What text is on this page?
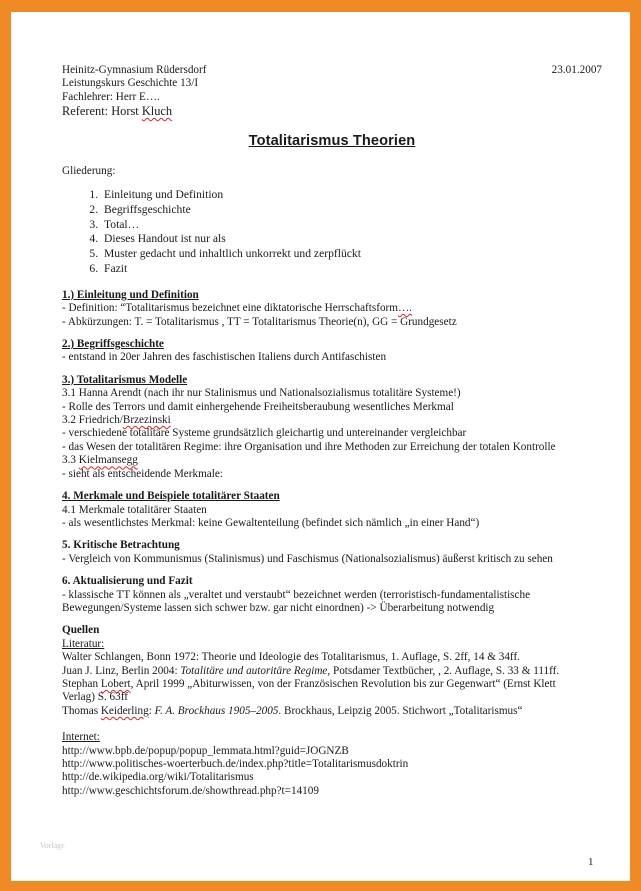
Heinitz-Gymnasium Rüdersdorf	23.01.2007
Leistungskurs Geschichte 13/I
Fachlehrer: Herr E….
Referent: Horst Kluch
Totalitarismus Theorien
Gliederung:
1. Einleitung und Definition
2. Begriffsgeschichte
3. Total…
4. Dieses Handout ist nur als
5. Muster gedacht und inhaltlich unkorrekt und zerpflückt
6. Fazit
1.) Einleitung und Definition
- Definition: “Totalitarismus bezeichnet eine diktatorische Herrschaftsform….
- Abkürzungen: T. = Totalitarismus , TT = Totalitarismus Theorie(n), GG = Grundgesetz
2.) Begriffsgeschichte
- entstand in 20er Jahren des faschistischen Italiens durch Antifaschisten
3.) Totalitarismus Modelle
3.1 Hanna Arendt (nach ihr nur Stalinismus und Nationalsozialismus totalitäre Systeme!)
- Rolle des Terrors und damit einhergehende Freiheitsberaubung wesentliches Merkmal
3.2 Friedrich/Brzezinski
- verschiedene totalitäre Systeme grundsätzlich gleichartig und untereinander vergleichbar
- das Wesen der totalitären Regime: ihre Organisation und ihre Methoden zur Erreichung der totalen Kontrolle
3.3 Kielmansegg
- sieht als entscheidende Merkmale:
4. Merkmale und Beispiele totalitärer Staaten
4.1 Merkmale totalitärer Staaten
- als wesentlichstes Merkmal: keine Gewaltenteilung (befindet sich nämlich „in einer Hand“)
5. Kritische Betrachtung
- Vergleich von Kommunismus (Stalinismus) und Faschismus (Nationalsozialismus) äußerst kritisch zu sehen
6. Aktualisierung und Fazit
- klassische TT können als „veraltet und verstaubt“ bezeichnet werden (terroristisch-fundamentalistische
Bewegungen/Systeme lassen sich schwer bzw. gar nicht einordnen) -> Überarbeitung notwendig
Quellen
Literatur:
Walter Schlangen, Bonn 1972: Theorie und Ideologie des Totalitarismus, 1. Auflage, S. 2ff, 14 & 34ff.
Juan J. Linz, Berlin 2004: Totalitäre und autoritäre Regime, Potsdamer Textbücher, , 2. Auflage, S. 33 & 111ff.
Stephan Lobert, April 1999 „Abiturwissen, von der Französischen Revolution bis zur Gegenwart“ (Ernst Klett
Verlag) S. 63ff
Thomas Keiderling: F. A. Brockhaus 1905–2005. Brockhaus, Leipzig 2005. Stichwort „Totalitarismus“
Internet:
http://www.bpb.de/popup/popup_lemmata.html?guid=JOGNZB
http://www.politisches-woerterbuch.de/index.php?title=Totalitarismusdoktrin
http://de.wikipedia.org/wiki/Totalitarismus
http://www.geschichtsforum.de/showthread.php?t=14109
Vorlage
1
